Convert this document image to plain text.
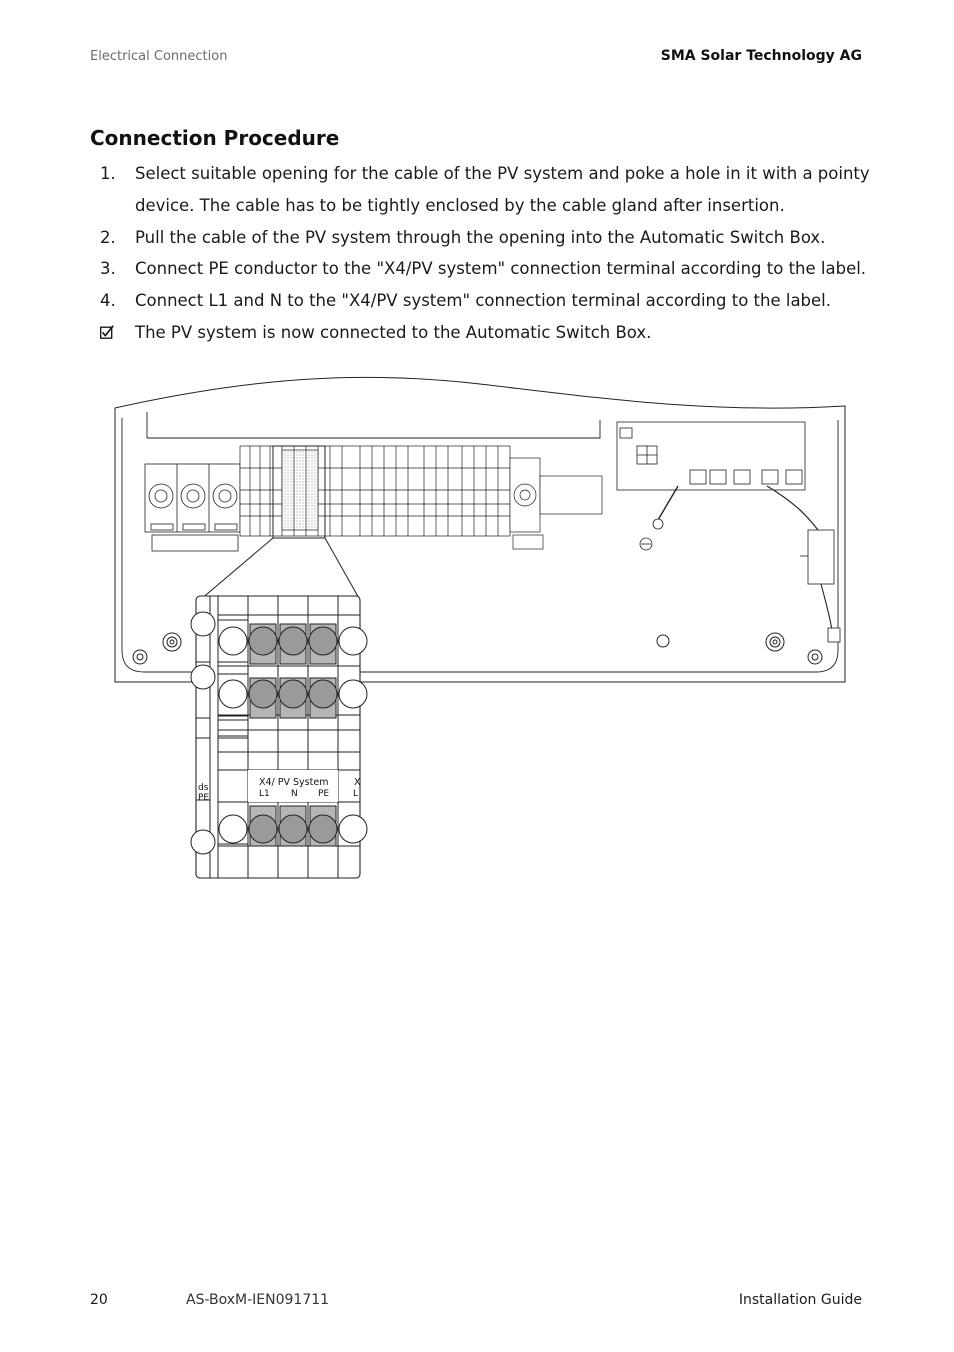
Electrical Connection	SMA Solar Technology AG
Connection Procedure
1. Select suitable opening for the cable of the PV system and poke a hole in it with a pointy device. The cable has to be tightly enclosed by the cable gland after insertion.
2. Pull the cable of the PV system through the opening into the Automatic Switch Box.
3. Connect PE conductor to the "X4/PV system" connection terminal according to the label.
4. Connect L1 and N to the "X4/PV system" connection terminal according to the label.
The PV system is now connected to the Automatic Switch Box.
X4/ PV System
L1 N PE
ds
PE
X
L
20	AS-BoxM-IEN091711	Installation Guide
